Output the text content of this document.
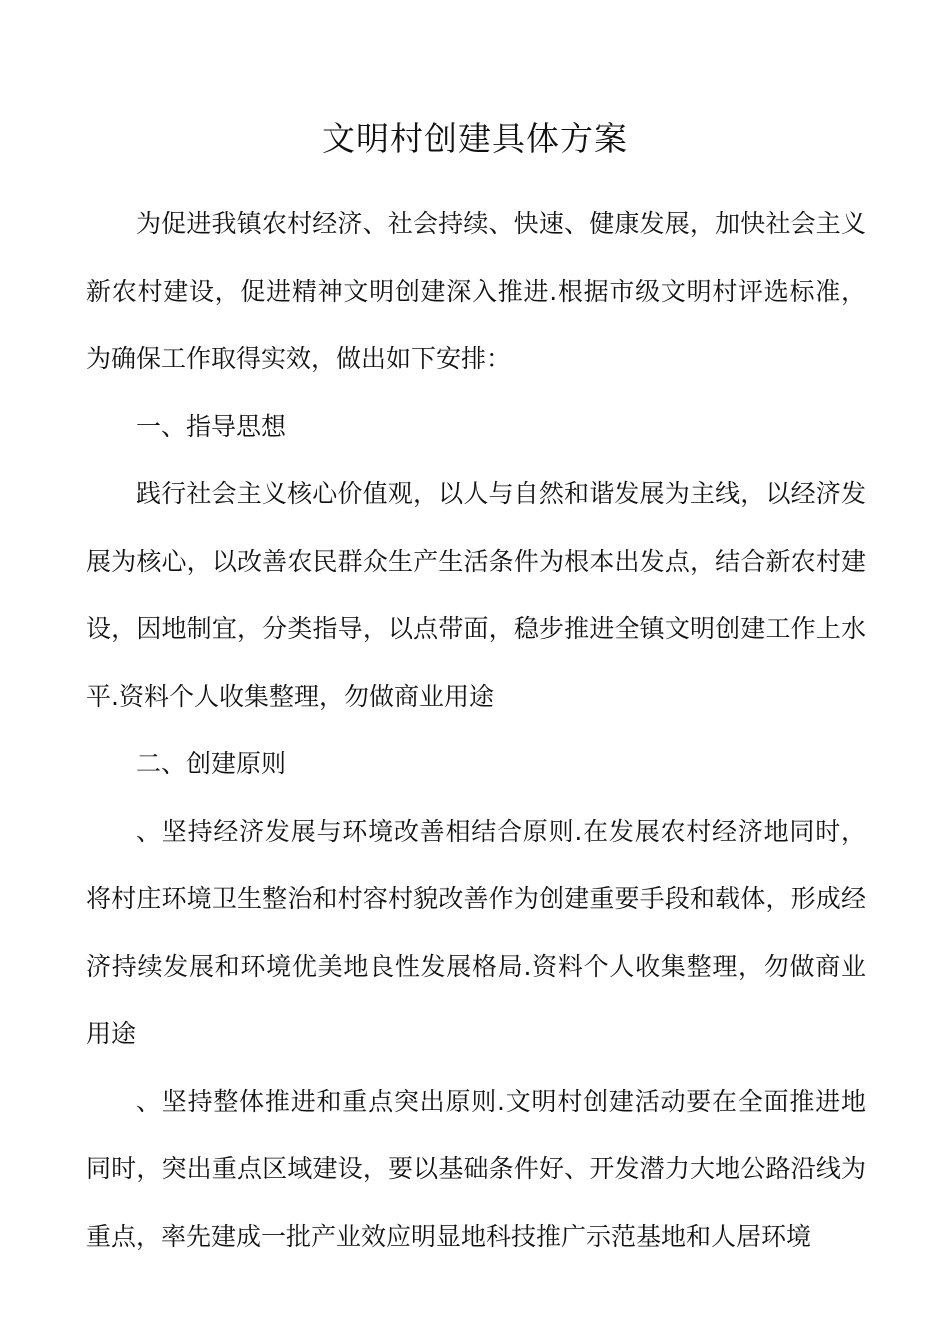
文明村创建具体方案

为促进我镇农村经济、社会持续、快速、健康发展，加快社会主义新农村建设，促进精神文明创建深入推进.根据市级文明村评选标准，为确保工作取得实效，做出如下安排：

一、指导思想

践行社会主义核心价值观，以人与自然和谐发展为主线，以经济发展为核心，以改善农民群众生产生活条件为根本出发点，结合新农村建设，因地制宜，分类指导，以点带面，稳步推进全镇文明创建工作上水平.资料个人收集整理，勿做商业用途

二、创建原则

、坚持经济发展与环境改善相结合原则.在发展农村经济地同时，将村庄环境卫生整治和村容村貌改善作为创建重要手段和载体，形成经济持续发展和环境优美地良性发展格局.资料个人收集整理，勿做商业用途

、坚持整体推进和重点突出原则.文明村创建活动要在全面推进地同时，突出重点区域建设，要以基础条件好、开发潜力大地公路沿线为重点，率先建成一批产业效应明显地科技推广示范基地和人居环境
